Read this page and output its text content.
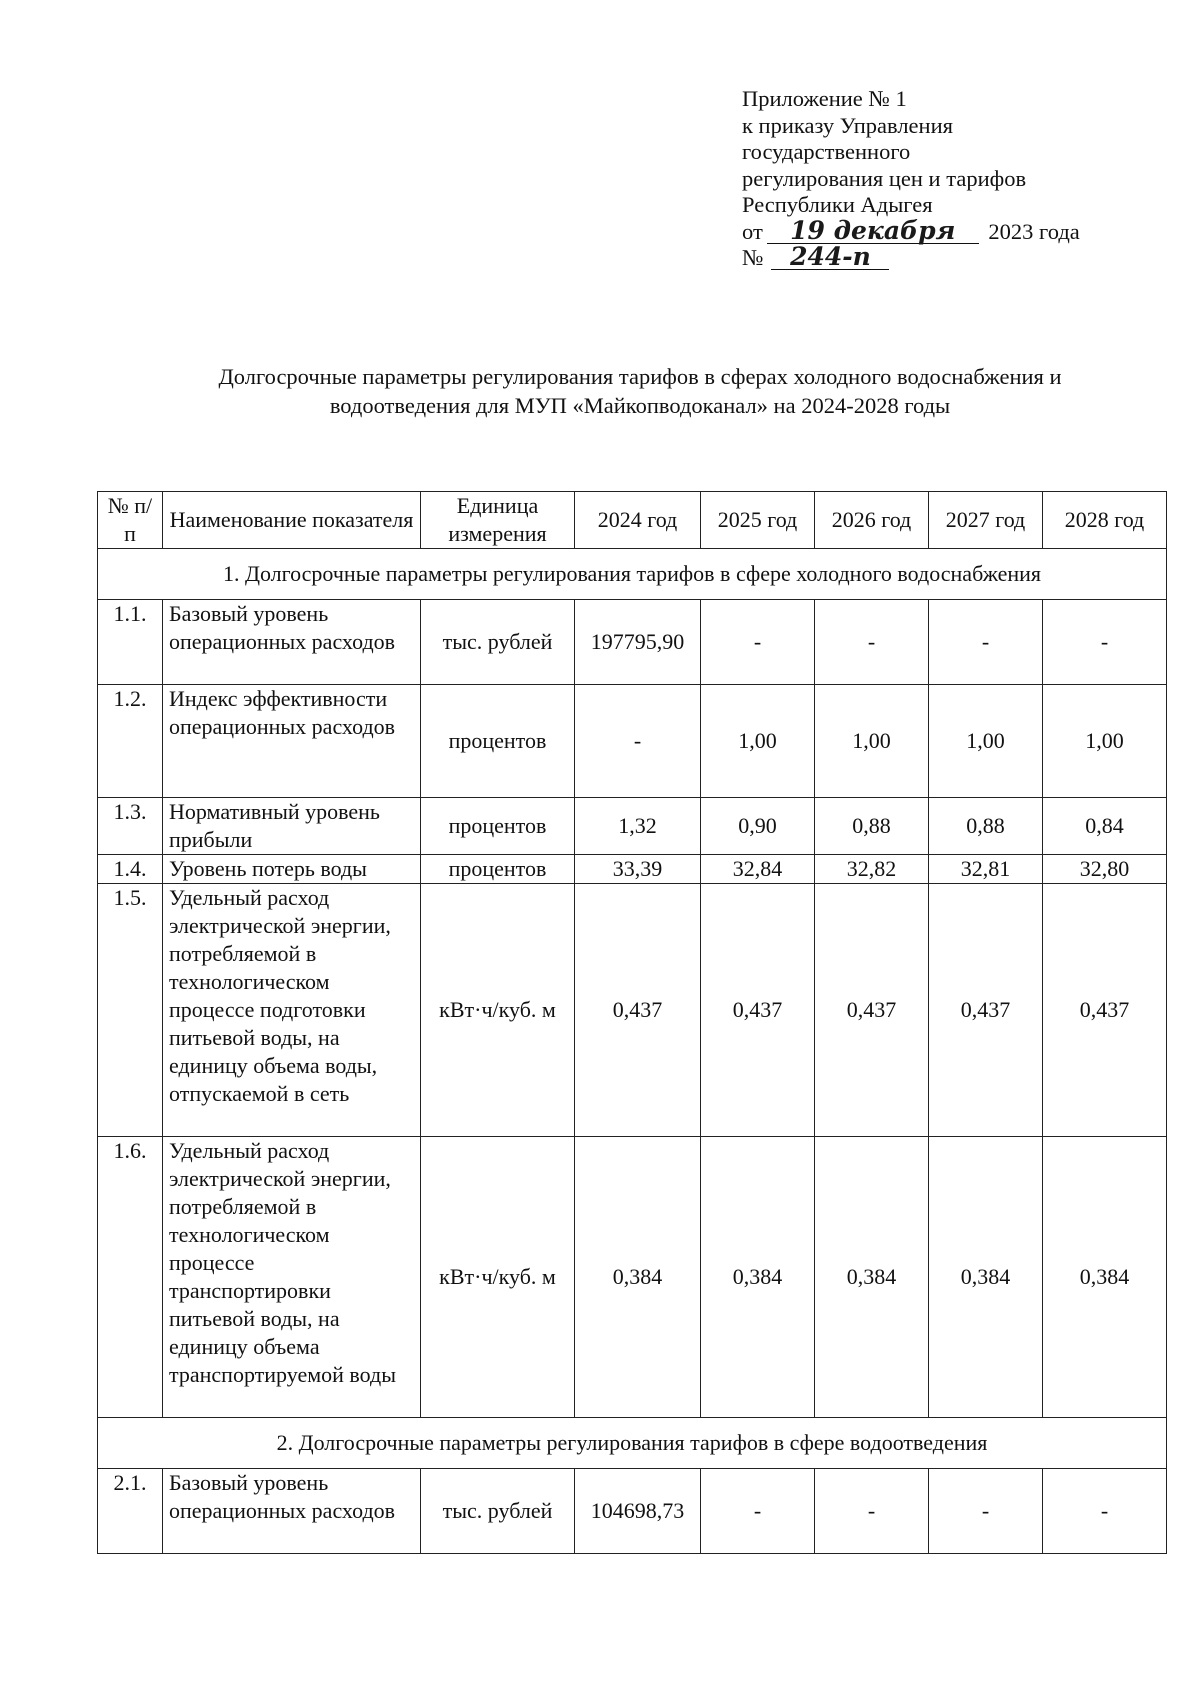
Приложение № 1
к приказу Управления
государственного
регулирования цен и тарифов
Республики Адыгея
от 19 декабря 2023 года
№ 244-п
Долгосрочные параметры регулирования тарифов в сферах холодного водоснабжения и
водоотведения для МУП «Майкопводоканал» на 2024-2028 годы
№ п/п	Наименование показателя	Единица измерения	2024 год	2025 год	2026 год	2027 год	2028 год
1. Долгосрочные параметры регулирования тарифов в сфере холодного водоснабжения							
1.1.	Базовый уровень операционных расходов	тыс. рублей	197795,90	-	-	-	-
1.2.	Индекс эффективности операционных расходов	процентов	-	1,00	1,00	1,00	1,00
1.3.	Нормативный уровень прибыли	процентов	1,32	0,90	0,88	0,88	0,84
1.4.	Уровень потерь воды	процентов	33,39	32,84	32,82	32,81	32,80
1.5.	Удельный расход электрической энергии, потребляемой в технологическом процессе подготовки питьевой воды, на единицу объема воды, отпускаемой в сеть	кВт·ч/куб. м	0,437	0,437	0,437	0,437	0,437
1.6.	Удельный расход электрической энергии, потребляемой в технологическом процессе транспортировки питьевой воды, на единицу объема транспортируемой воды	кВт·ч/куб. м	0,384	0,384	0,384	0,384	0,384
2. Долгосрочные параметры регулирования тарифов в сфере водоотведения							
2.1.	Базовый уровень операционных расходов	тыс. рублей	104698,73	-	-	-	-
